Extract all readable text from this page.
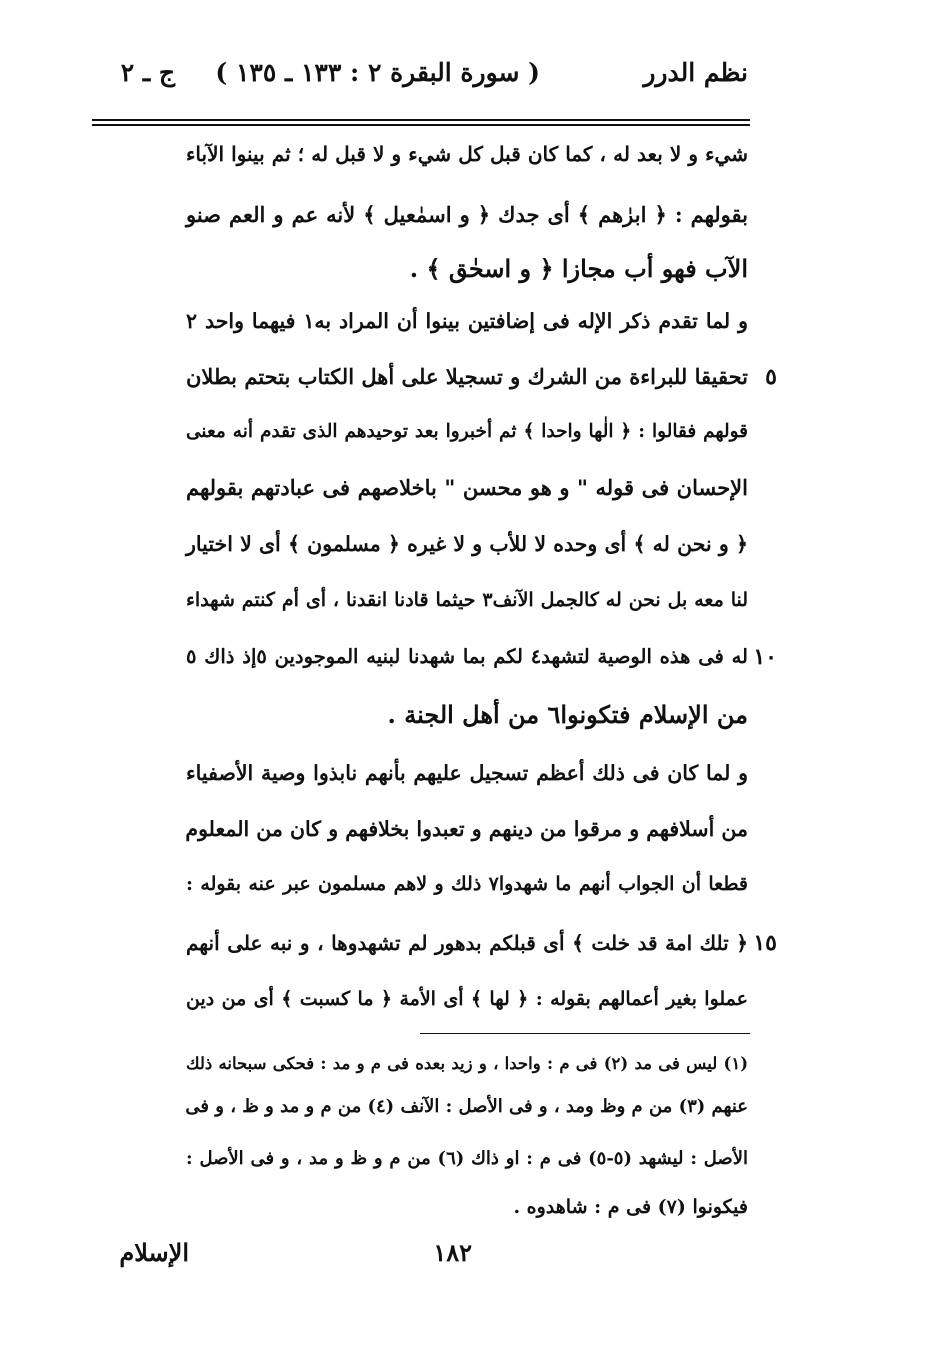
نظم الدرر
( سورة البقرة ٢ : ١٣٣ ـ ١٣٥ )
ج ـ ٢
شيء و لا بعد له ، كما كان قبل كل شيء و لا قبل له ؛ ثم بينوا الآباء
بقولهم : ﴿ ابرٰهم ﴾ أى جدك ﴿ و اسمٰعيل ﴾ لأنه عم و العم صنو
الآب فهو أب مجازا ﴿ و اسحٰق ﴾ .
و لما تقدم ذكر الإله فى إضافتين بينوا أن المراد به١ فيهما واحد ٢
تحقيقا للبراءة من الشرك و تسجيلا على أهل الكتاب بتحتم بطلان
قولهم فقالوا : ﴿ الٰها واحدا ﴾ ثم أخبروا بعد توحيدهم الذى تقدم أنه معنى
الإحسان فى قوله " و هو محسن " باخلاصهم فى عبادتهم بقولهم
﴿ و نحن له ﴾ أى وحده لا للأب و لا غيره ﴿ مسلمون ﴾ أى لا اختيار
لنا معه بل نحن له كالجمل الآنف٣ حيثما قادنا انقدنا ، أى أم كنتم شهداء
له فى هذه الوصية لتشهد٤ لكم بما شهدنا لبنيه الموجودين ٥إذ ذاك ٥
من الإسلام فتكونوا٦ من أهل الجنة .
و لما كان فى ذلك أعظم تسجيل عليهم بأنهم نابذوا وصية الأصفياء
من أسلافهم و مرقوا من دينهم و تعبدوا بخلافهم و كان من المعلوم
قطعا أن الجواب أنهم ما شهدوا٧ ذلك و لاهم مسلمون عبر عنه بقوله :
﴿ تلك امة قد خلت ﴾ أى قبلكم بدهور لم تشهدوها ، و نبه على أنهم
عملوا بغير أعمالهم بقوله : ﴿ لها ﴾ أى الأمة ﴿ ما كسبت ﴾ أى من دين
٥
١٠
١٥
(١) ليس فى مد (٢) فى م : واحدا ، و زيد بعده فى م و مد : فحكى سبحانه ذلك
عنهم (٣) من م وظ ومد ، و فى الأصل : الآنف (٤) من م و مد و ظ ، و فى
الأصل : ليشهد (٥-٥) فى م : او ذاك (٦) من م و ظ و مد ، و فى الأصل :
فيكونوا (٧) فى م : شاهدوه .
١٨٢
الإسلام
